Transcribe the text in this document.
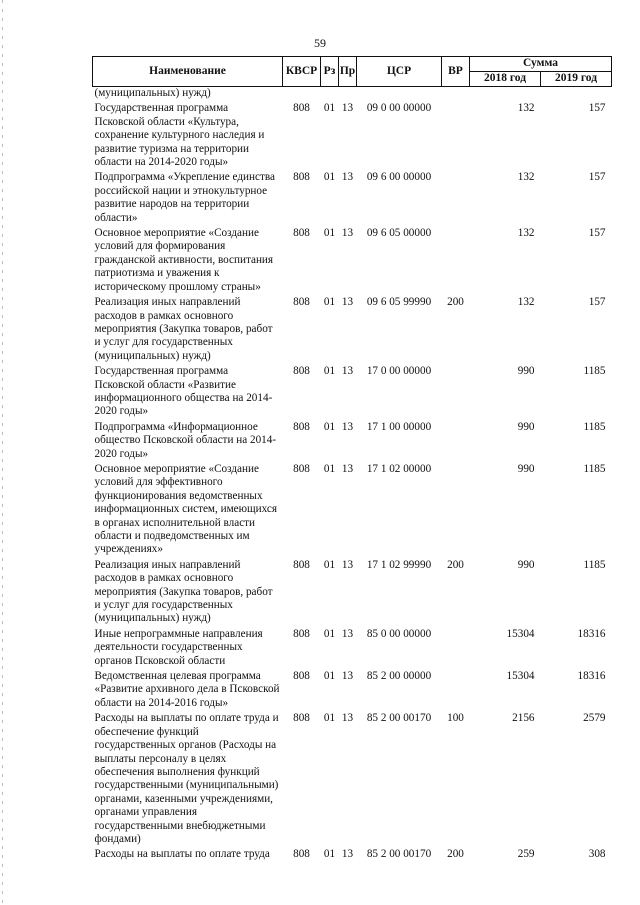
59
Наименование	КВСР	Рз	Пр	ЦСР	ВР	Сумма	
						2018 год	2019 год
(муниципальных) нужд)							
Государственная программа Псковской области «Культура, сохранение культурного наследия и развитие туризма на территории области на 2014-2020 годы»	808	01	13	09 0 00 00000		132	157
Подпрограмма «Укрепление единства российской нации и этнокультурное развитие народов на территории области»	808	01	13	09 6 00 00000		132	157
Основное мероприятие «Создание условий для формирования гражданской активности, воспитания патриотизма и уважения к историческому прошлому страны»	808	01	13	09 6 05 00000		132	157
Реализация иных направлений расходов в рамках основного мероприятия (Закупка товаров, работ и услуг для государственных (муниципальных) нужд)	808	01	13	09 6 05 99990	200	132	157
Государственная программа Псковской области «Развитие информационного общества на 2014-2020 годы»	808	01	13	17 0 00 00000		990	1185
Подпрограмма «Информационное общество Псковской области на 2014-2020 годы»	808	01	13	17 1 00 00000		990	1185
Основное мероприятие «Создание условий для эффективного функционирования ведомственных информационных систем, имеющихся в органах исполнительной власти области и подведомственных им учреждениях»	808	01	13	17 1 02 00000		990	1185
Реализация иных направлений расходов в рамках основного мероприятия (Закупка товаров, работ и услуг для государственных (муниципальных) нужд)	808	01	13	17 1 02 99990	200	990	1185
Иные непрограммные направления деятельности государственных органов Псковской области	808	01	13	85 0 00 00000		15304	18316
Ведомственная целевая программа «Развитие архивного дела в Псковской области на 2014-2016 годы»	808	01	13	85 2 00 00000		15304	18316
Расходы на выплаты по оплате труда и обеспечение функций государственных органов (Расходы на выплаты персоналу в целях обеспечения выполнения функций государственными (муниципальными) органами, казенными учреждениями, органами управления государственными внебюджетными фондами)	808	01	13	85 2 00 00170	100	2156	2579
Расходы на выплаты по оплате труда	808	01	13	85 2 00 00170	200	259	308
